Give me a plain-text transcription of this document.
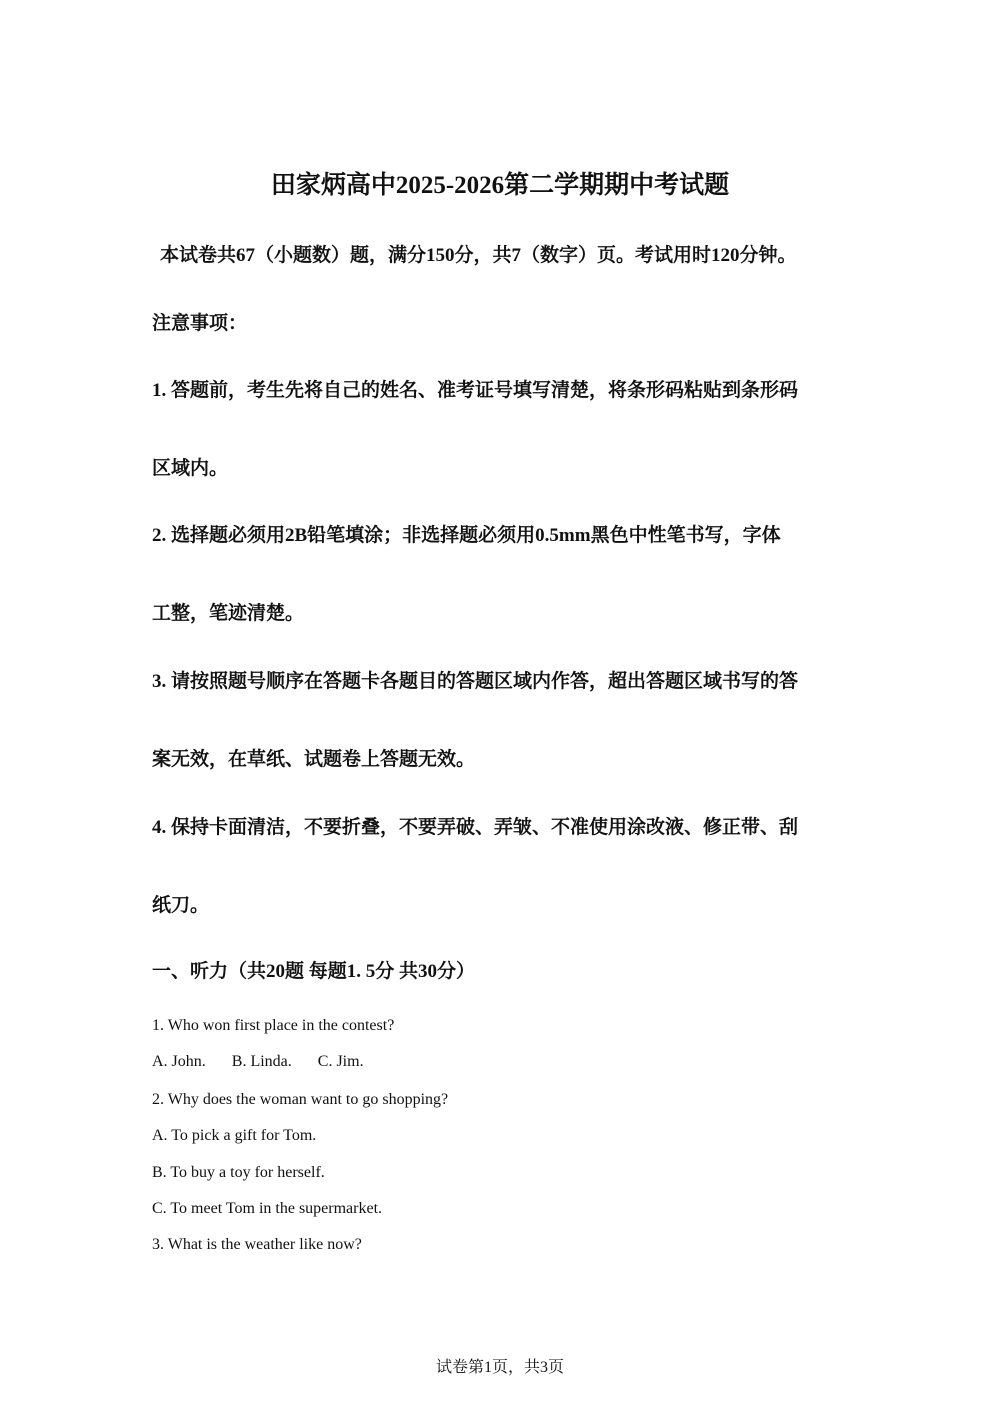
田家炳高中2025-2026第二学期期中考试题
本试卷共67（小题数）题，满分150分，共7（数字）页。考试用时120分钟。
注意事项：
1. 答题前，考生先将自己的姓名、准考证号填写清楚，将条形码粘贴到条形码
区域内。
2. 选择题必须用2B铅笔填涂；非选择题必须用0.5mm黑色中性笔书写，字体
工整，笔迹清楚。
3. 请按照题号顺序在答题卡各题目的答题区域内作答，超出答题区域书写的答
案无效，在草纸、试题卷上答题无效。
4. 保持卡面清洁，不要折叠，不要弄破、弄皱、不准使用涂改液、修正带、刮
纸刀。
一、听力（共20题 每题1. 5分 共30分）
1. Who won first place in the contest?
A. John. B. Linda. C. Jim.
2. Why does the woman want to go shopping?
A. To pick a gift for Tom.
B. To buy a toy for herself.
C. To meet Tom in the supermarket.
3. What is the weather like now?
试卷第1页，共3页
